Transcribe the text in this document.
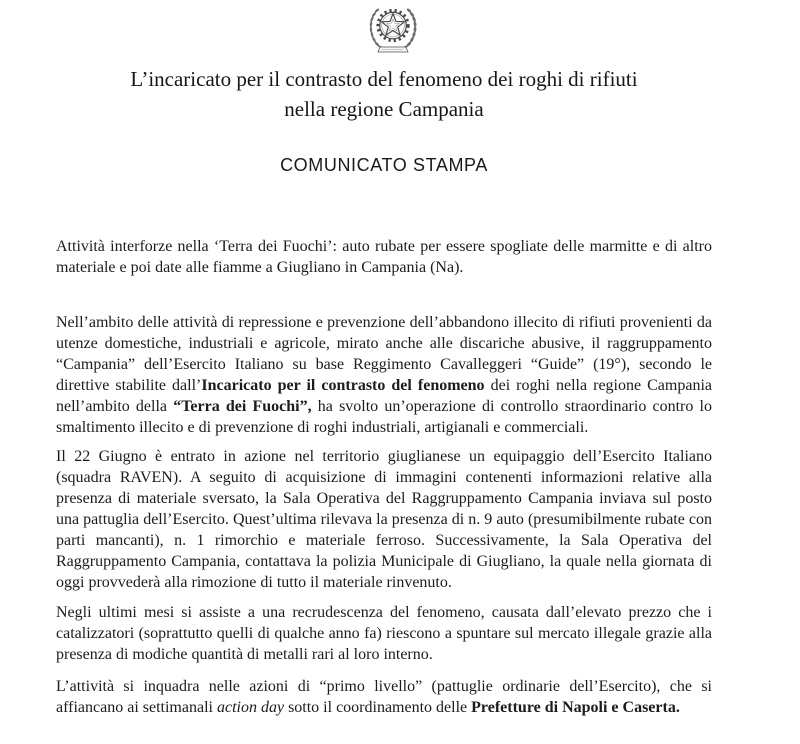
L’incaricato per il contrasto del fenomeno dei roghi di rifiuti
nella regione Campania
COMUNICATO STAMPA

Attività interforze nella ‘Terra dei Fuochi’: auto rubate per essere spogliate delle marmitte e di altro materiale e poi date alle fiamme a Giugliano in Campania (Na).

Nell’ambito delle attività di repressione e prevenzione dell’abbandono illecito di rifiuti provenienti da utenze domestiche, industriali e agricole, mirato anche alle discariche abusive, il raggruppamento “Campania” dell’Esercito Italiano su base Reggimento Cavalleggeri “Guide” (19°), secondo le direttive stabilite dall’Incaricato per il contrasto del fenomeno dei roghi nella regione Campania nell’ambito della “Terra dei Fuochi”, ha svolto un’operazione di controllo straordinario contro lo smaltimento illecito e di prevenzione di roghi industriali, artigianali e commerciali.

Il 22 Giugno è entrato in azione nel territorio giuglianese un equipaggio dell’Esercito Italiano (squadra RAVEN). A seguito di acquisizione di immagini contenenti informazioni relative alla presenza di materiale sversato, la Sala Operativa del Raggruppamento Campania inviava sul posto una pattuglia dell’Esercito. Quest’ultima rilevava la presenza di n. 9 auto (presumibilmente rubate con parti mancanti), n. 1 rimorchio e materiale ferroso. Successivamente, la Sala Operativa del Raggruppamento Campania, contattava la polizia Municipale di Giugliano, la quale nella giornata di oggi provvederà alla rimozione di tutto il materiale rinvenuto.

Negli ultimi mesi si assiste a una recrudescenza del fenomeno, causata dall’elevato prezzo che i catalizzatori (soprattutto quelli di qualche anno fa) riescono a spuntare sul mercato illegale grazie alla presenza di modiche quantità di metalli rari al loro interno.

L’attività si inquadra nelle azioni di “primo livello” (pattuglie ordinarie dell’Esercito), che si affiancano ai settimanali action day sotto il coordinamento delle Prefetture di Napoli e Caserta.
